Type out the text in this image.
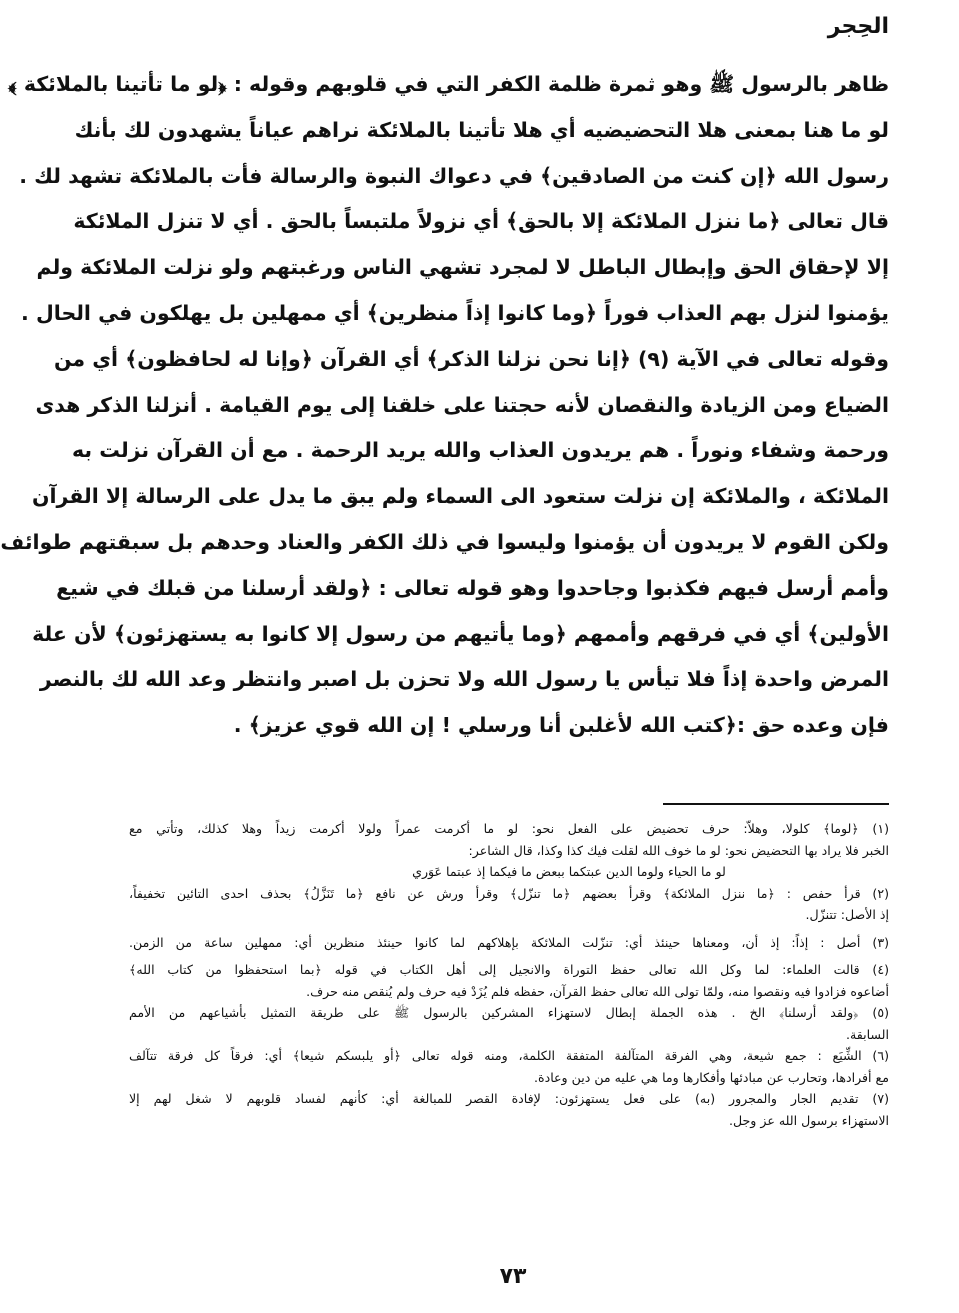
الحِجر
ظاهر بالرسول ﷺ وهو ثمرة ظلمة الكفر التي في قلوبهم وقوله : ﴿لو ما تأتينا بالملائكة ﴾
لو ما هنا بمعنى هلا التحضيضيه أي هلا تأتينا بالملائكة نراهم عياناً يشهدون لك بأنك
رسول الله ﴿إن كنت من الصادقين﴾ في دعواك النبوة والرسالة فأت بالملائكة تشهد لك .
قال تعالى ﴿ما ننزل الملائكة إلا بالحق﴾ أي نزولاً ملتبساً بالحق . أي لا تنزل الملائكة
إلا لإحقاق الحق وإبطال الباطل لا لمجرد تشهي الناس ورغبتهم ولو نزلت الملائكة ولم
يؤمنوا لنزل بهم العذاب فوراً ﴿وما كانوا إذاً منظرين﴾ أي ممهلين بل يهلكون في الحال .
وقوله تعالى في الآية (٩) ﴿إنا نحن نزلنا الذكر﴾ أي القرآن ﴿وإنا له لحافظون﴾ أي من
الضياع ومن الزيادة والنقصان لأنه حجتنا على خلقنا إلى يوم القيامة . أنزلنا الذكر هدى
ورحمة وشفاء ونوراً . هم يريدون العذاب والله يريد الرحمة . مع أن القرآن نزلت به
الملائكة ، والملائكة إن نزلت ستعود الى السماء ولم يبق ما يدل على الرسالة إلا القرآن
ولكن القوم لا يريدون أن يؤمنوا وليسوا في ذلك الكفر والعناد وحدهم بل سبقتهم طوائف
وأمم أرسل فيهم فكذبوا وجاحدوا وهو قوله تعالى : ﴿ولقد أرسلنا من قبلك في شيع
الأولين﴾ أي في فرقهم وأممهم ﴿وما يأتيهم من رسول إلا كانوا به يستهزئون﴾ لأن علة
المرض واحدة إذاً فلا تيأس يا رسول الله ولا تحزن بل اصبر وانتظر وعد الله لك بالنصر
فإن وعده حق :﴿كتب الله لأغلبن أنا ورسلي ! إن الله قوي عزيز﴾ .
(١) ﴿لوما﴾ كلولا، وهلاّ: حرف تحضيض على الفعل نحو: لو ما أكرمت عمراً ولولا أكرمت زيداً وهلا كذلك، وتأتي مع
الخبر فلا يراد بها التحضيض نحو: لو ما خوف الله لقلت فيك كذا وكذا، قال الشاعر:
لو ما الحياء ولوما الدين عبتكما ببعض ما فيكما إذ عبتما عَوَري
(٢) قرأ حفص : ﴿ما ننزل الملائكة﴾ وقرأ بعضهم ﴿ما تنزّل﴾ وقرأ ورش عن نافع ﴿ما تَنَزَّلُ﴾ بحذف احدى التائين تخفيفاً،
إذ الأصل: تتنزّل.
(٣) أصل : إذاً: إذ أن، ومعناها حينئذ أي: تنزّلت الملائكة بإهلاكهم لما كانوا حينئذ منظرين أي: ممهلين ساعة من الزمن.
(٤) قالت العلماء: لما وكل الله تعالى حفظ التوراة والانجيل إلى أهل الكتاب في قوله ﴿بما استحفظوا من كتاب الله﴾
أضاعوه فزادوا فيه ونقصوا منه، ولمّا تولى الله تعالى حفظ القرآن، حفظه فلم يُزَدْ فيه حرف ولم يُنقص منه حرف.
(٥) ﴿ولقد أرسلنا﴾ الخ . هذه الجملة إبطال لاستهزاء المشركين بالرسول ﷺ على طريقة التمثيل بأشياعهم من الأمم
السابقة.
(٦) الشِّيَع : جمع شيعة، وهي الفرقة المتآلفة المتفقة الكلمة، ومنه قوله تعالى ﴿أو يلبسكم شيعا﴾ أي: فرقاً كل فرقة تتآلف
مع أفرادها، وتحارب عن مبادئها وأفكارها وما هي عليه من دين وعادة.
(٧) تقديم الجار والمجرور (به) على فعل يستهزئون: لإفادة القصر للمبالغة أي: كأنهم لفساد قلوبهم لا شغل لهم إلا
الاستهزاء برسول الله عز وجل.
٧٣
